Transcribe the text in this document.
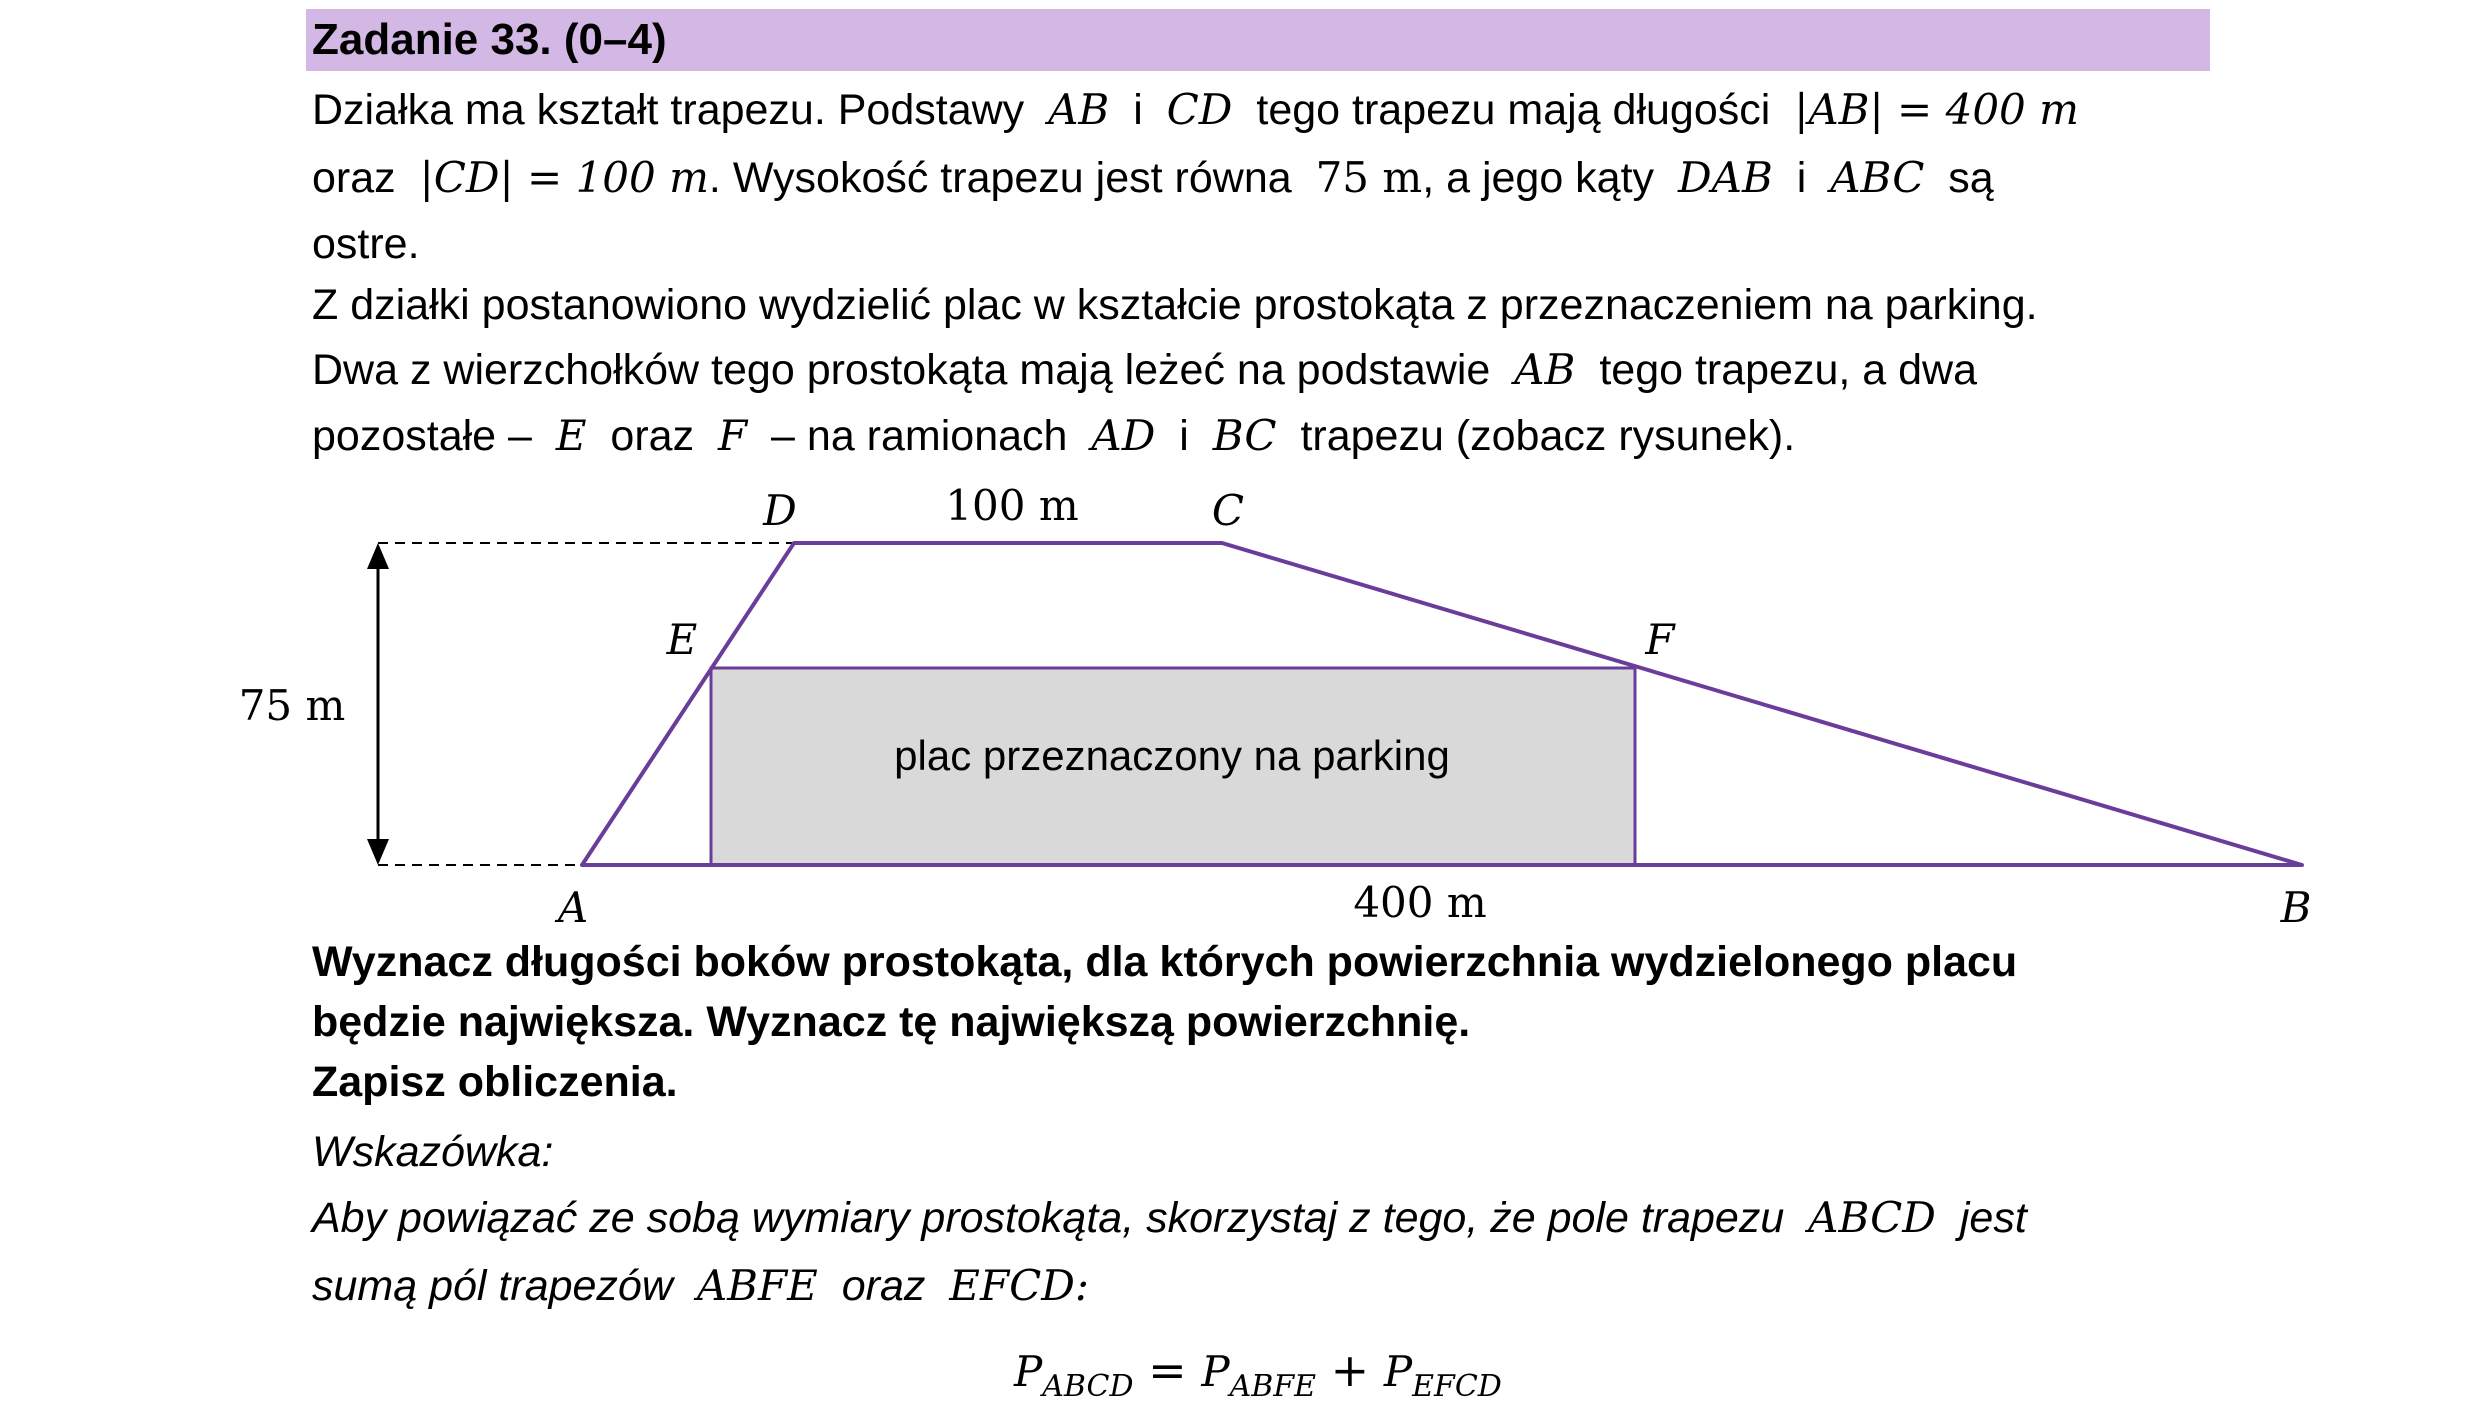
Zadanie 33. (0–4)
Działka ma kształt trapezu. Podstawy AB i CD tego trapezu mają długości |AB| = 400 m
oraz |CD| = 100 m. Wysokość trapezu jest równa 75 m, a jego kąty DAB i ABC są
ostre.
Z działki postanowiono wydzielić plac w kształcie prostokąta z przeznaczeniem na parking.
Dwa z wierzchołków tego prostokąta mają leżeć na podstawie AB tego trapezu, a dwa
pozostałe – E oraz F – na ramionach AD i BC trapezu (zobacz rysunek).
D	C
100 m
E	F
75 m
plac przeznaczony na parking
A	400 m	B
Wyznacz długości boków prostokąta, dla których powierzchnia wydzielonego placu
będzie największa. Wyznacz tę największą powierzchnię.
Zapisz obliczenia.
Wskazówka:
Aby powiązać ze sobą wymiary prostokąta, skorzystaj z tego, że pole trapezu ABCD jest
sumą pól trapezów ABFE oraz EFCD:
$P_{ABCD} = P_{ABFE} + P_{EFCD}$
